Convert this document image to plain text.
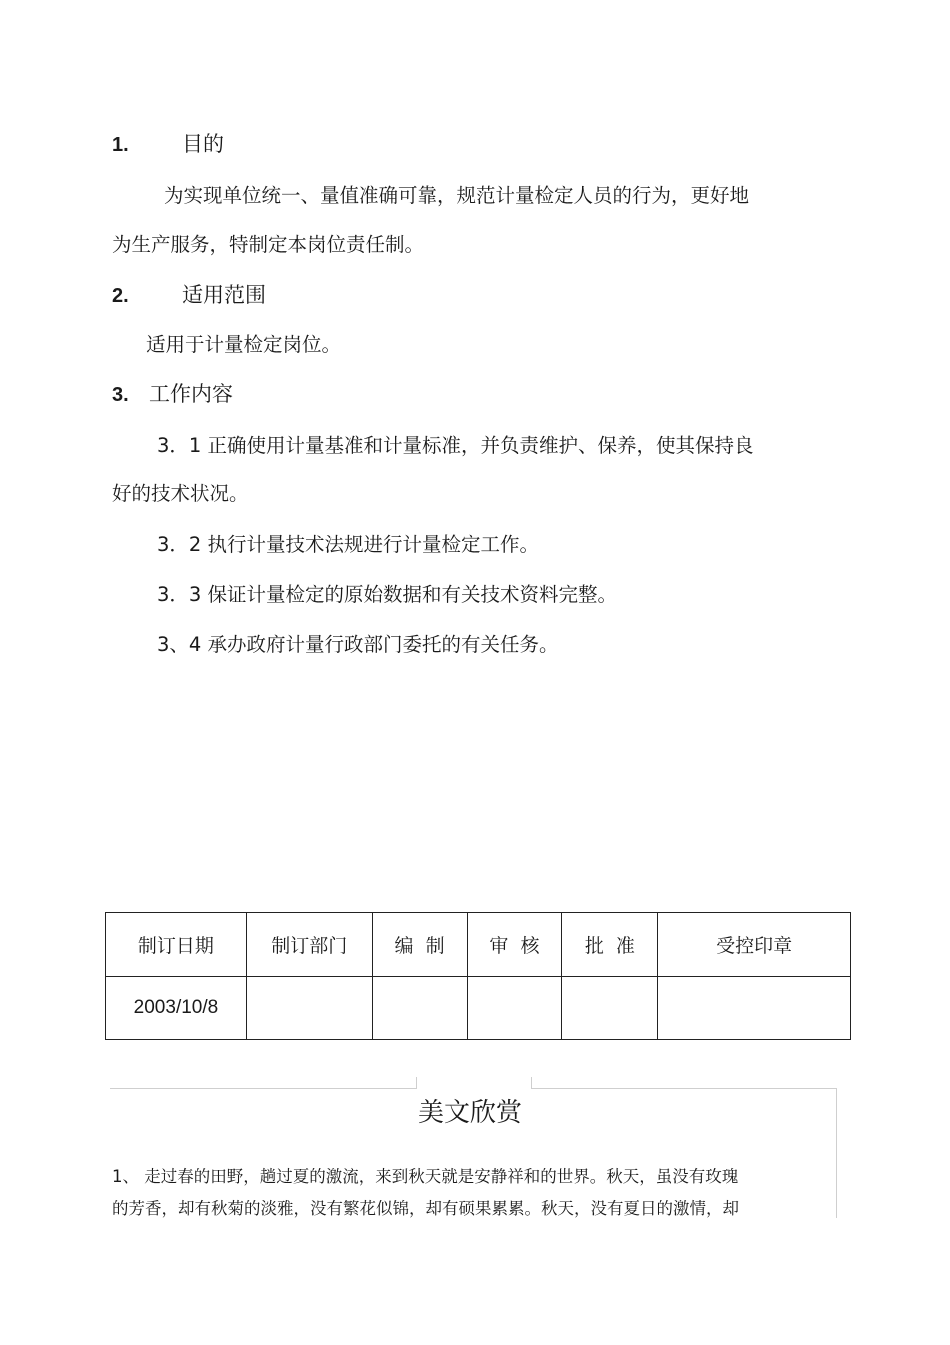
1.	目的
为实现单位统一、量值准确可靠，规范计量检定人员的行为，更好地
为生产服务，特制定本岗位责任制。
2.	适用范围
适用于计量检定岗位。
3. 工作内容
3．1 正确使用计量基准和计量标准，并负责维护、保养，使其保持良
好的技术状况。
3．2 执行计量技术法规进行计量检定工作。
3．3 保证计量检定的原始数据和有关技术资料完整。
3、4 承办政府计量行政部门委托的有关任务。
制订日期	制订部门	编  制	审  核	批  准	受控印章
2003/10/8					
美文欣赏
1、 走过春的田野，趟过夏的激流，来到秋天就是安静祥和的世界。秋天，虽没有玫瑰
的芳香，却有秋菊的淡雅，没有繁花似锦，却有硕果累累。秋天，没有夏日的激情，却
